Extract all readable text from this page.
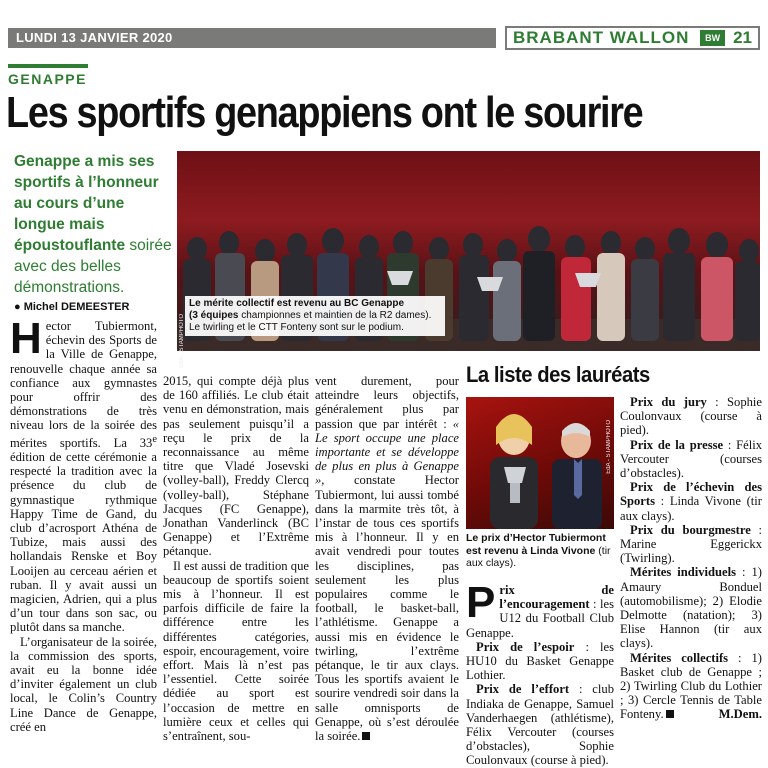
LUNDI 13 JANVIER 2020	BRABANT WALLON	BW 21
GENAPPE
Les sportifs genappiens ont le sourire
Genappe a mis ses sportifs à l’honneur au cours d’une longue mais époustouflante soirée avec des belles démonstrations.
● Michel DEMEESTER
EdA - STAMPHOTO
Le mérite collectif est revenu au BC Genappe
(3 équipes championnes et maintien de la R2 dames). Le twirling et le CTT Fonteny sont sur le podium.

Hector Tubiermont, échevin des Sports de la Ville de Genappe, renouvelle chaque année sa confiance aux gymnastes pour offrir des démonstrations de très niveau lors de la soirée des mérites sportifs. La 33e édition de cette cérémonie a respecté la tradition avec la présence du club de gymnastique rythmique Happy Time de Gand, du club d’acrosport Athéna de Tubize, mais aussi des hollandais Renske et Boy Looijen au cerceau aérien et ruban. Il y avait aussi un magicien, Adrien, qui a plus d’un tour dans son sac, ou plutôt dans sa manche.

L’organisateur de la soirée, la commission des sports, avait eu la bonne idée d’inviter également un club local, le Colin’s Country Line Dance de Genappe, créé en

2015, qui compte déjà plus de 160 affiliés. Le club était venu en démonstration, mais pas seulement puisqu’il a reçu le prix de la reconnaissance au même titre que Vladé Josevski (volley-ball), Freddy Clercq (volley-ball), Stéphane Jacques (FC Genappe), Jonathan Vanderlinck (BC Genappe) et l’Extrême pétanque.

Il est aussi de tradition que beaucoup de sportifs soient mis à l’honneur. Il est parfois difficile de faire la différence entre les différentes catégories, espoir, encouragement, voire effort. Mais là n’est pas l’essentiel. Cette soirée dédiée au sport est l’occasion de mettre en lumière ceux et celles qui s’entraînent, sou-

vent durement, pour atteindre leurs objectifs, généralement plus par passion que par intérêt : « Le sport occupe une place importante et se développe de plus en plus à Genappe », constate Hector Tubiermont, lui aussi tombé dans la marmite très tôt, à l’instar de tous ces sportifs mis à l’honneur. Il y en avait vendredi pour toutes les disciplines, pas seulement les plus populaires comme le football, le basket-ball, l’athlétisme. Genappe a aussi mis en évidence le twirling, l’extrême pétanque, le tir aux clays. Tous les sportifs avaient le sourire vendredi soir dans la salle omnisports de Genappe, où s’est déroulée la soirée.

La liste des lauréats
EdA - STAMPHOTO
Le prix d’Hector Tubiermont est revenu à Linda Vivone (tir aux clays).

Prix de l’encouragement : les U12 du Football Club Genappe.

Prix de l’espoir : les HU10 du Basket Genappe Lothier.

Prix de l’effort : club Indiaka de Genappe, Samuel Vanderhaegen (athlétisme), Félix Vercouter (courses d’obstacles), Sophie Coulonvaux (course à pied).

Prix du jury : Sophie Coulonvaux (course à pied).

Prix de la presse : Félix Vercouter (courses d’obstacles).

Prix de l’échevin des Sports : Linda Vivone (tir aux clays).

Prix du bourgmestre : Marine Eggerickx (Twirling).

Mérites individuels : 1) Amaury Bonduel (automobilisme); 2) Elodie Delmotte (natation); 3) Elise Hannon (tir aux clays).

Mérites collectifs : 1) Basket club de Genappe ; 2) Twirling Club du Lothier ; 3) Cercle Tennis de Table Fonteny.	M.Dem.
